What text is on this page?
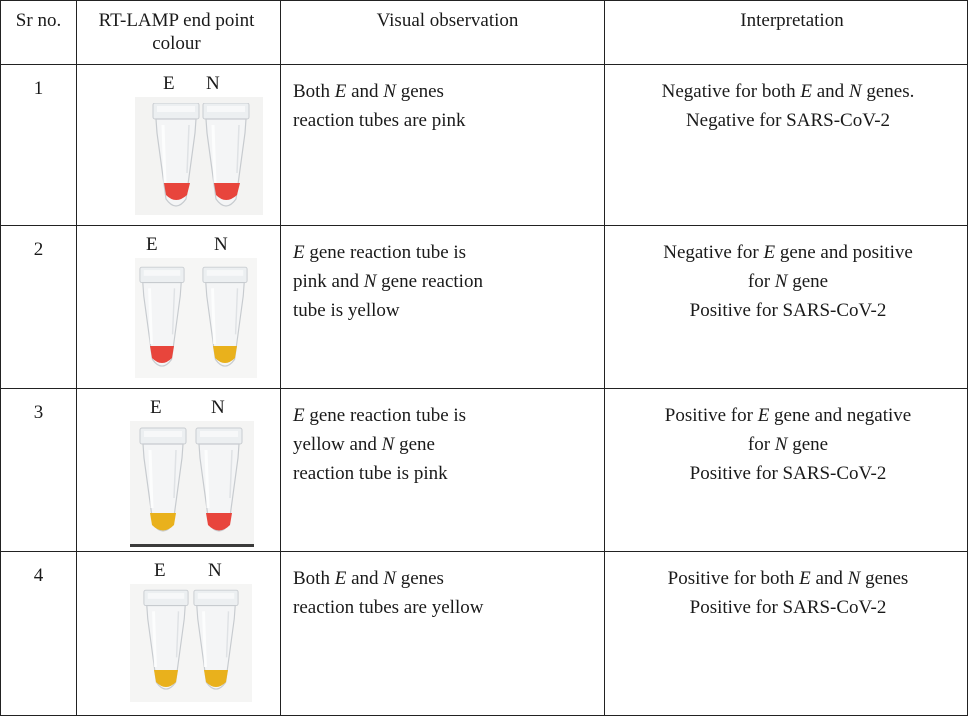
Sr no.	RT-LAMP end point colour	Visual observation	Interpretation
1	E N	Both E and N genes
reaction tubes are pink	Negative for both E and N genes.
Negative for SARS-CoV-2

2	E N	E gene reaction tube is
pink and N gene reaction
tube is yellow	Negative for E gene and positive
for N gene
Positive for SARS-CoV-2

3	E N	E gene reaction tube is
yellow and N gene
reaction tube is pink	Positive for E gene and negative
for N gene
Positive for SARS-CoV-2

4	E N	Both E and N genes
reaction tubes are yellow	Positive for both E and N genes
Positive for SARS-CoV-2
